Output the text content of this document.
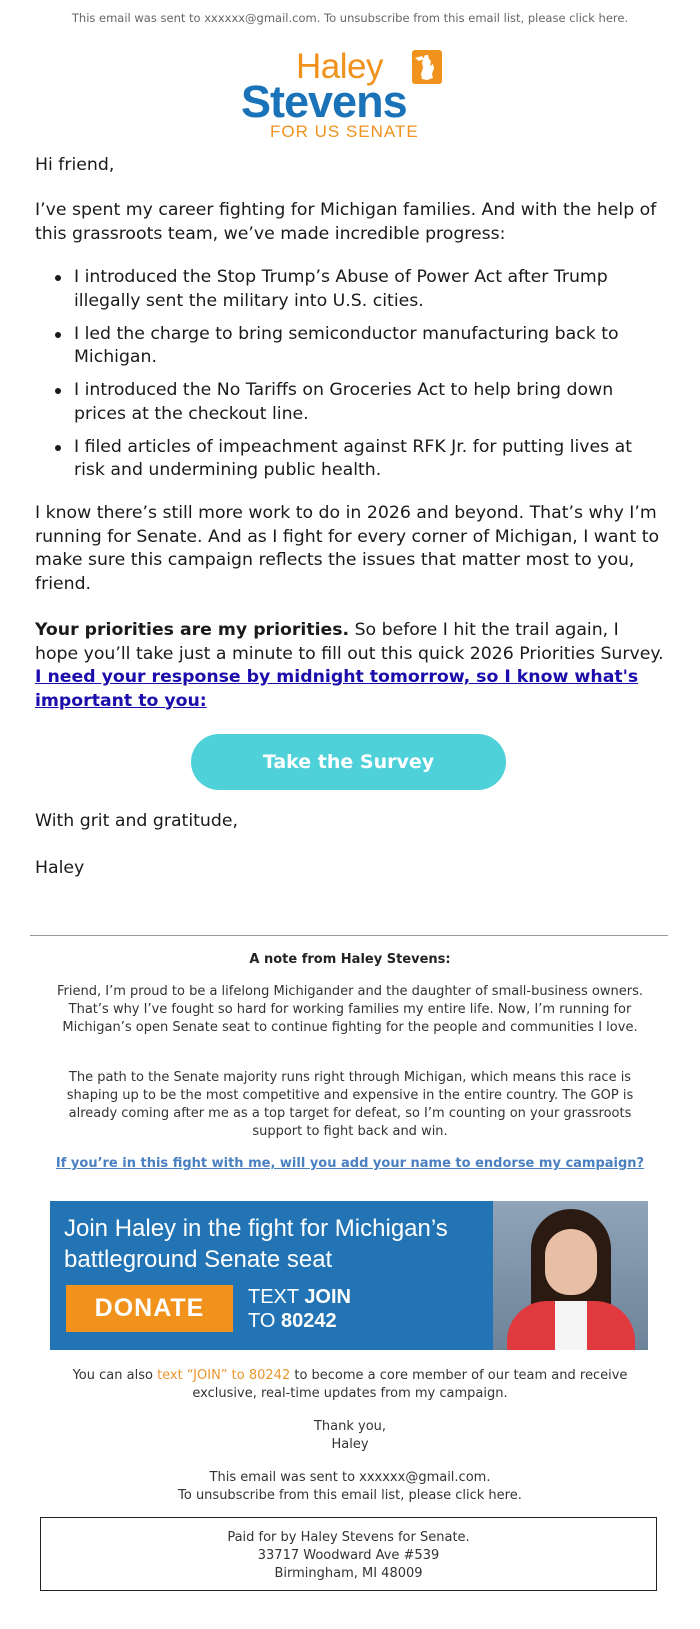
This email was sent to xxxxxx@gmail.com. To unsubscribe from this email list, please click here.
Haley
Stevens
FOR US SENATE

Hi friend,

I’ve spent my career fighting for Michigan families. And with the help of this grassroots team, we’ve made incredible progress:

I introduced the Stop Trump’s Abuse of Power Act after Trump illegally sent the military into U.S. cities.
I led the charge to bring semiconductor manufacturing back to Michigan.
I introduced the No Tariffs on Groceries Act to help bring down prices at the checkout line.
I filed articles of impeachment against RFK Jr. for putting lives at risk and undermining public health.

I know there’s still more work to do in 2026 and beyond. That’s why I’m running for Senate. And as I fight for every corner of Michigan, I want to make sure this campaign reflects the issues that matter most to you, friend.

Your priorities are my priorities. So before I hit the trail again, I hope you’ll take just a minute to fill out this quick 2026 Priorities Survey. I need your response by midnight tomorrow, so I know what's important to you:

Take the Survey

With grit and gratitude,

Haley

A note from Haley Stevens:

Friend, I’m proud to be a lifelong Michigander and the daughter of small-business owners. That’s why I’ve fought so hard for working families my entire life. Now, I’m running for Michigan’s open Senate seat to continue fighting for the people and communities I love.

The path to the Senate majority runs right through Michigan, which means this race is shaping up to be the most competitive and expensive in the entire country. The GOP is already coming after me as a top target for defeat, so I’m counting on your grassroots support to fight back and win.

If you’re in this fight with me, will you add your name to endorse my campaign?
Join Haley in the fight for Michigan’s battleground Senate seat
DONATE	TEXT JOIN
TO 80242

You can also text “JOIN” to 80242 to become a core member of our team and receive exclusive, real-time updates from my campaign.

Thank you,
Haley
This email was sent to xxxxxx@gmail.com.
To unsubscribe from this email list, please click here.
Paid for by Haley Stevens for Senate.
33717 Woodward Ave #539
Birmingham, MI 48009
